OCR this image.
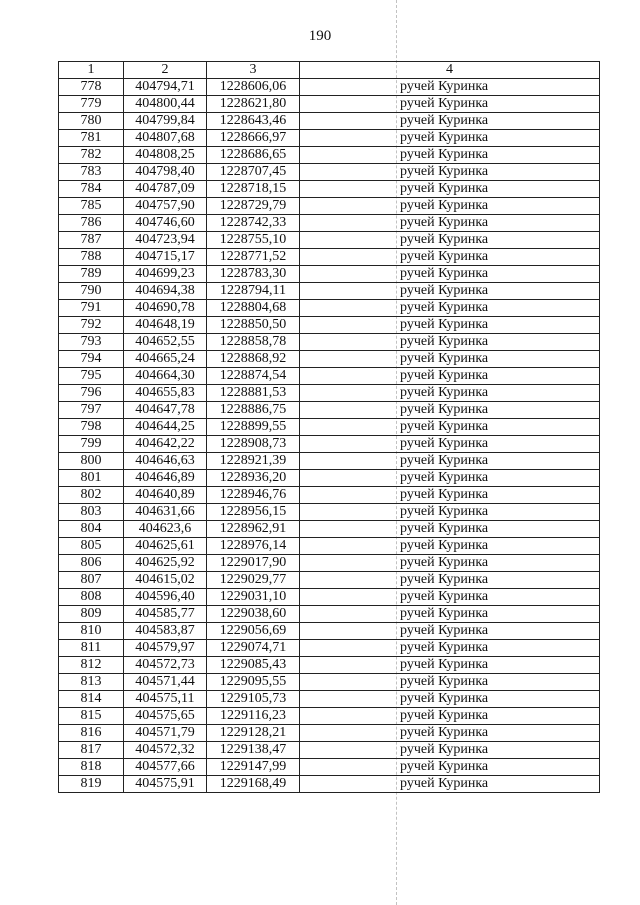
190
1	2	3	4
778	404794,71	1228606,06	ручей Куринка
779	404800,44	1228621,80	ручей Куринка
780	404799,84	1228643,46	ручей Куринка
781	404807,68	1228666,97	ручей Куринка
782	404808,25	1228686,65	ручей Куринка
783	404798,40	1228707,45	ручей Куринка
784	404787,09	1228718,15	ручей Куринка
785	404757,90	1228729,79	ручей Куринка
786	404746,60	1228742,33	ручей Куринка
787	404723,94	1228755,10	ручей Куринка
788	404715,17	1228771,52	ручей Куринка
789	404699,23	1228783,30	ручей Куринка
790	404694,38	1228794,11	ручей Куринка
791	404690,78	1228804,68	ручей Куринка
792	404648,19	1228850,50	ручей Куринка
793	404652,55	1228858,78	ручей Куринка
794	404665,24	1228868,92	ручей Куринка
795	404664,30	1228874,54	ручей Куринка
796	404655,83	1228881,53	ручей Куринка
797	404647,78	1228886,75	ручей Куринка
798	404644,25	1228899,55	ручей Куринка
799	404642,22	1228908,73	ручей Куринка
800	404646,63	1228921,39	ручей Куринка
801	404646,89	1228936,20	ручей Куринка
802	404640,89	1228946,76	ручей Куринка
803	404631,66	1228956,15	ручей Куринка
804	404623,6	1228962,91	ручей Куринка
805	404625,61	1228976,14	ручей Куринка
806	404625,92	1229017,90	ручей Куринка
807	404615,02	1229029,77	ручей Куринка
808	404596,40	1229031,10	ручей Куринка
809	404585,77	1229038,60	ручей Куринка
810	404583,87	1229056,69	ручей Куринка
811	404579,97	1229074,71	ручей Куринка
812	404572,73	1229085,43	ручей Куринка
813	404571,44	1229095,55	ручей Куринка
814	404575,11	1229105,73	ручей Куринка
815	404575,65	1229116,23	ручей Куринка
816	404571,79	1229128,21	ручей Куринка
817	404572,32	1229138,47	ручей Куринка
818	404577,66	1229147,99	ручей Куринка
819	404575,91	1229168,49	ручей Куринка
